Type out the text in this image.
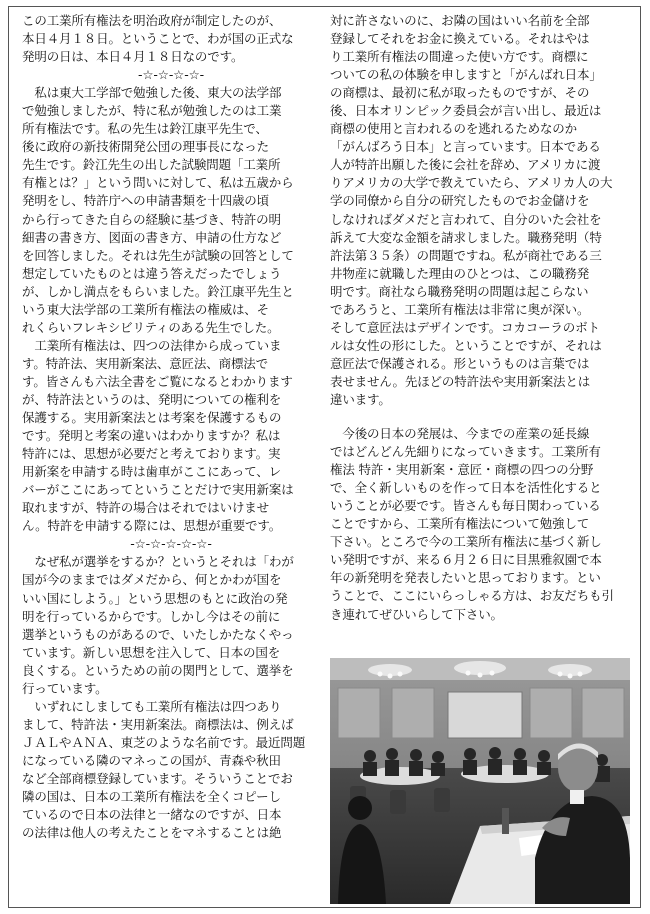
この工業所有権法を明治政府が制定したのが、

本日４月１８日。ということで、わが国の正式な

発明の日は、本日４月１８日なのです。

-☆-☆-☆-☆-

　私は東大工学部で勉強した後、東大の法学部

で勉強しましたが、特に私が勉強したのは工業

所有権法です。私の先生は鈴江康平先生で、

後に政府の新技術開発公団の理事長になった

先生です。鈴江先生の出した試験問題「工業所

有権とは？」という問いに対して、私は五歳から

発明をし、特許庁への申請書類を十四歳の頃

から行ってきた自らの経験に基づき、特許の明

細書の書き方、図面の書き方、申請の仕方など

を回答しました。それは先生が試験の回答として

想定していたものとは違う答えだったでしょう

が、しかし満点をもらいました。鈴江康平先生と

いう東大法学部の工業所有権法の権威は、そ

れくらいフレキシビリティのある先生でした。

　工業所有権法は、四つの法律から成っていま

す。特許法、実用新案法、意匠法、商標法で

す。皆さんも六法全書をご覧になるとわかります

が、特許法というのは、発明についての権利を

保護する。実用新案法とは考案を保護するもの

です。発明と考案の違いはわかりますか？私は

特許には、思想が必要だと考えております。実

用新案を申請する時は歯車がここにあって、レ

バーがここにあってということだけで実用新案は

取れますが、特許の場合はそれではいけませ

ん。特許を申請する際には、思想が重要です。

-☆-☆-☆-☆-☆-

　なぜ私が選挙をするか？というとそれは「わが

国が今のままではダメだから、何とかわが国を

いい国にしよう。」という思想のもとに政治の発

明を行っているからです。しかし今はその前に

選挙というものがあるので、いたしかたなくやっ

ています。新しい思想を注入して、日本の国を

良くする。というための前の関門として、選挙を

行っています。

　いずれにしましても工業所有権法は四つあり

まして、特許法・実用新案法。商標法は、例えば

ＪＡＬやＡＮＡ、東芝のような名前です。最近問題

になっている隣のマネっこの国が、青森や秋田

など全部商標登録しています。そういうことでお

隣の国は、日本の工業所有権法を全くコピーし

ているので日本の法律と一緒なのですが、日本

の法律は他人の考えたことをマネすることは絶

対に許さないのに、お隣の国はいい名前を全部

登録してそれをお金に換えている。それはやは

り工業所有権法の間違った使い方です。商標に

ついての私の体験を申しますと「がんばれ日本」

の商標は、最初に私が取ったものですが、その

後、日本オリンピック委員会が言い出し、最近は

商標の使用と言われるのを逃れるためなのか

「がんばろう日本」と言っています。日本である

人が特許出願した後に会社を辞め、アメリカに渡

りアメリカの大学で教えていたら、アメリカ人の大

学の同僚から自分の研究したものでお金儲けを

しなければダメだと言われて、自分のいた会社を

訴えて大変な金額を請求しました。職務発明（特

許法第３５条）の問題ですね。私が商社である三

井物産に就職した理由のひとつは、この職務発

明です。商社なら職務発明の問題は起こらない

であろうと、工業所有権法は非常に奥が深い。

そして意匠法はデザインです。コカコーラのボト

ルは女性の形にした。ということですが、それは

意匠法で保護される。形というものは言葉では

表せません。先ほどの特許法や実用新案法とは

違います。

　今後の日本の発展は、今までの産業の延長線

ではどんどん先細りになっていきます。工業所有

権法 特許・実用新案・意匠・商標の四つの分野

で、全く新しいものを作って日本を活性化すると

いうことが必要です。皆さんも毎日関わっている

ことですから、工業所有権法について勉強して

下さい。ところで今の工業所有権法に基づく新し

い発明ですが、来る６月２６日に目黒雅叙園で本

年の新発明を発表したいと思っております。とい

うことで、ここにいらっしゃる方は、お友だちも引

き連れてぜひいらして下さい。
